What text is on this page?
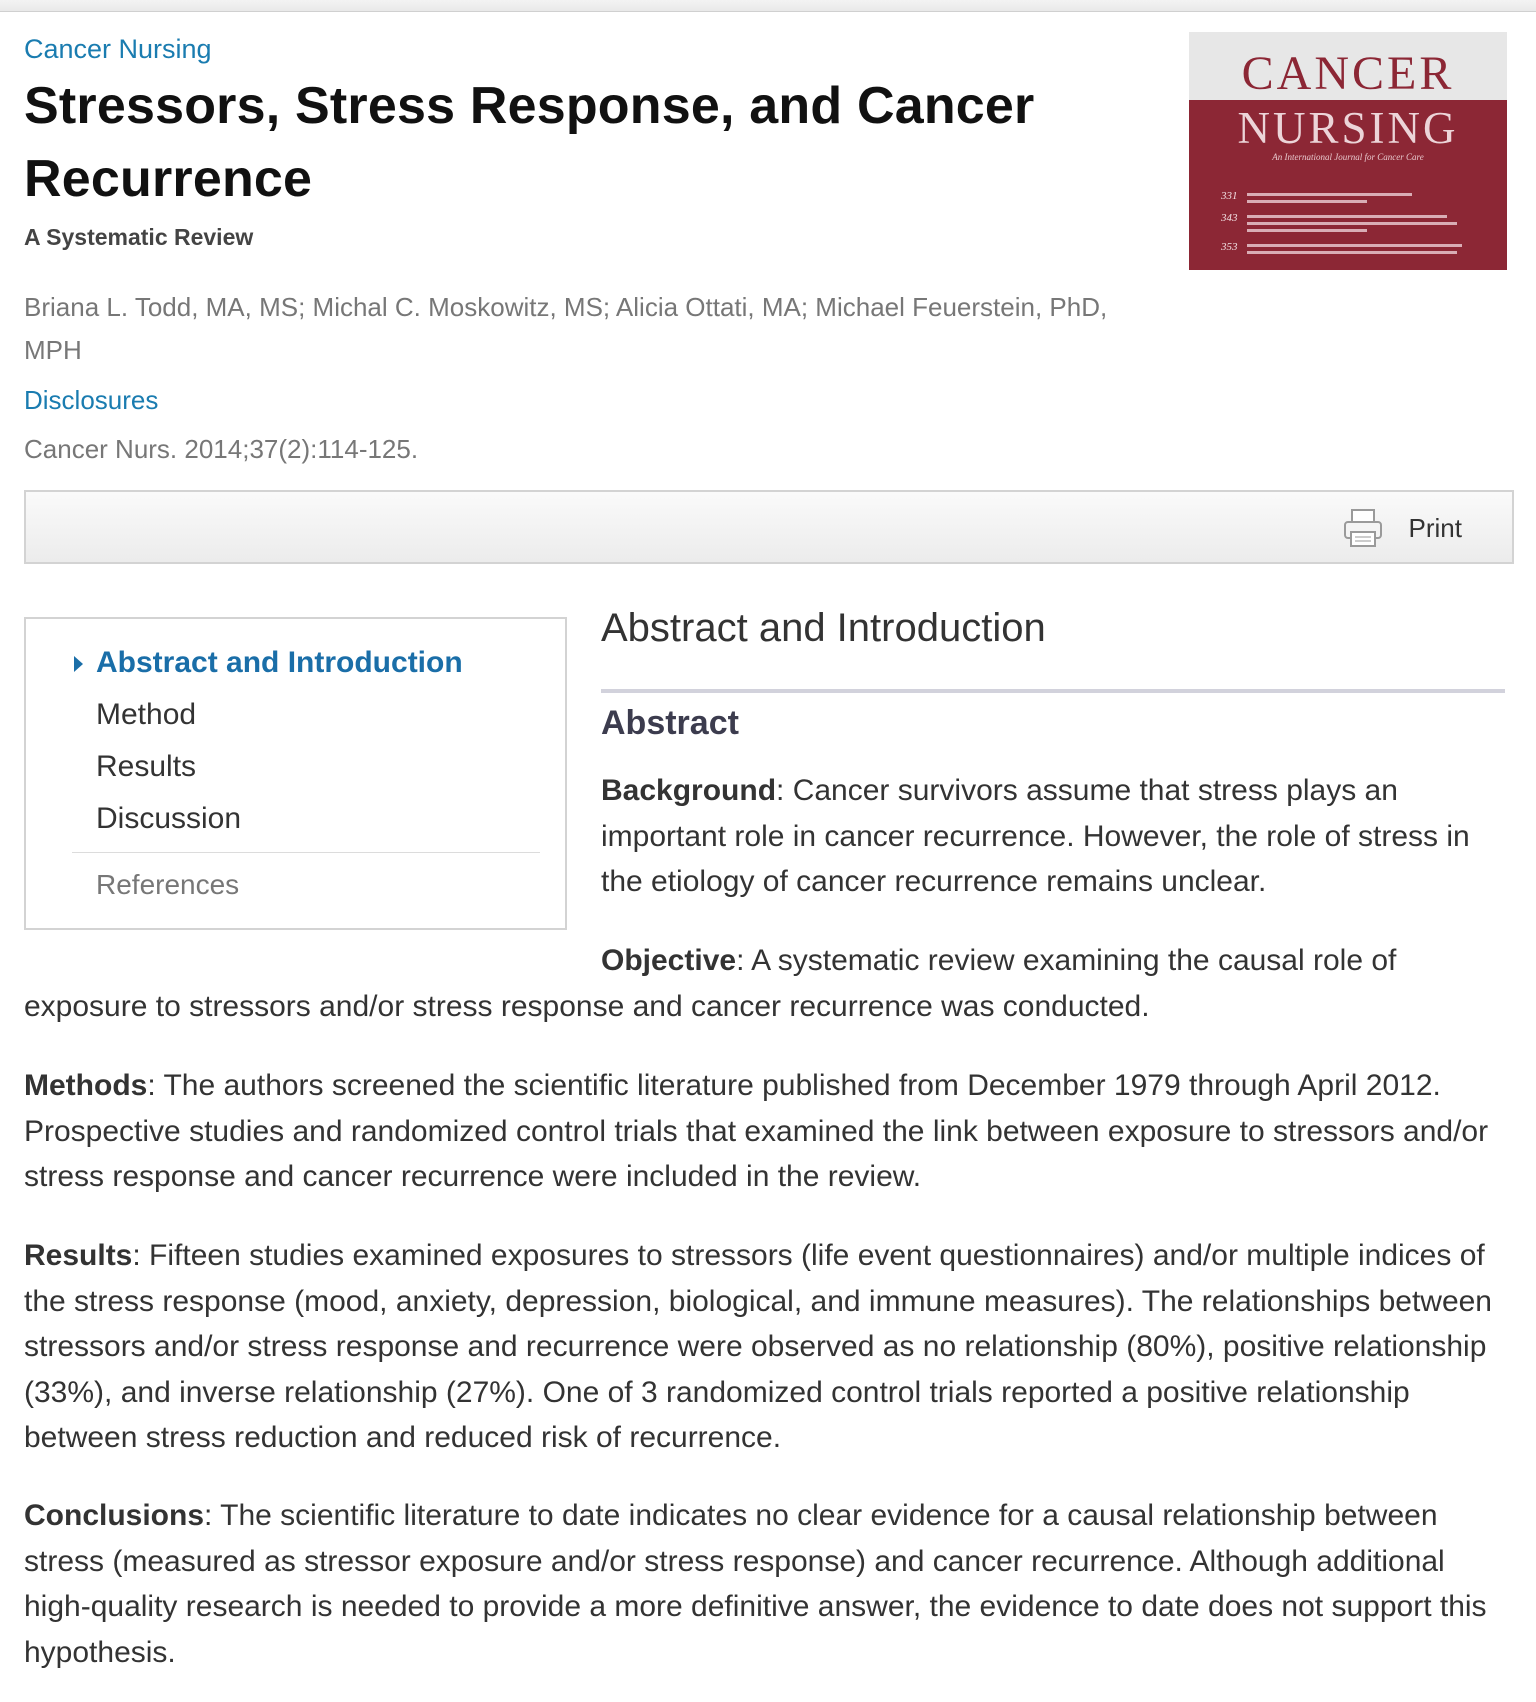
Cancer Nursing
Stressors, Stress Response, and Cancer Recurrence
A Systematic Review
Briana L. Todd, MA, MS; Michal C. Moskowitz, MS; Alicia Ottati, MA; Michael Feuerstein, PhD, MPH
Disclosures
Cancer Nurs. 2014;37(2):114-125.
CANCER
NURSING
An International Journal for Cancer Care
331
343
353
Print
Abstract and Introduction
Method
Results
Discussion
References
Abstract and Introduction
Abstract

Background: Cancer survivors assume that stress plays an important role in cancer recurrence. However, the role of stress in the etiology of cancer recurrence remains unclear.

Objective: A systematic review examining the causal role of exposure to stressors and/or stress response and cancer recurrence was conducted.

Methods: The authors screened the scientific literature published from December 1979 through April 2012. Prospective studies and randomized control trials that examined the link between exposure to stressors and/or stress response and cancer recurrence were included in the review.

Results: Fifteen studies examined exposures to stressors (life event questionnaires) and/or multiple indices of the stress response (mood, anxiety, depression, biological, and immune measures). The relationships between stressors and/or stress response and recurrence were observed as no relationship (80%), positive relationship (33%), and inverse relationship (27%). One of 3 randomized control trials reported a positive relationship between stress reduction and reduced risk of recurrence.

Conclusions: The scientific literature to date indicates no clear evidence for a causal relationship between stress (measured as stressor exposure and/or stress response) and cancer recurrence. Although additional high-quality research is needed to provide a more definitive answer, the evidence to date does not support this hypothesis.
